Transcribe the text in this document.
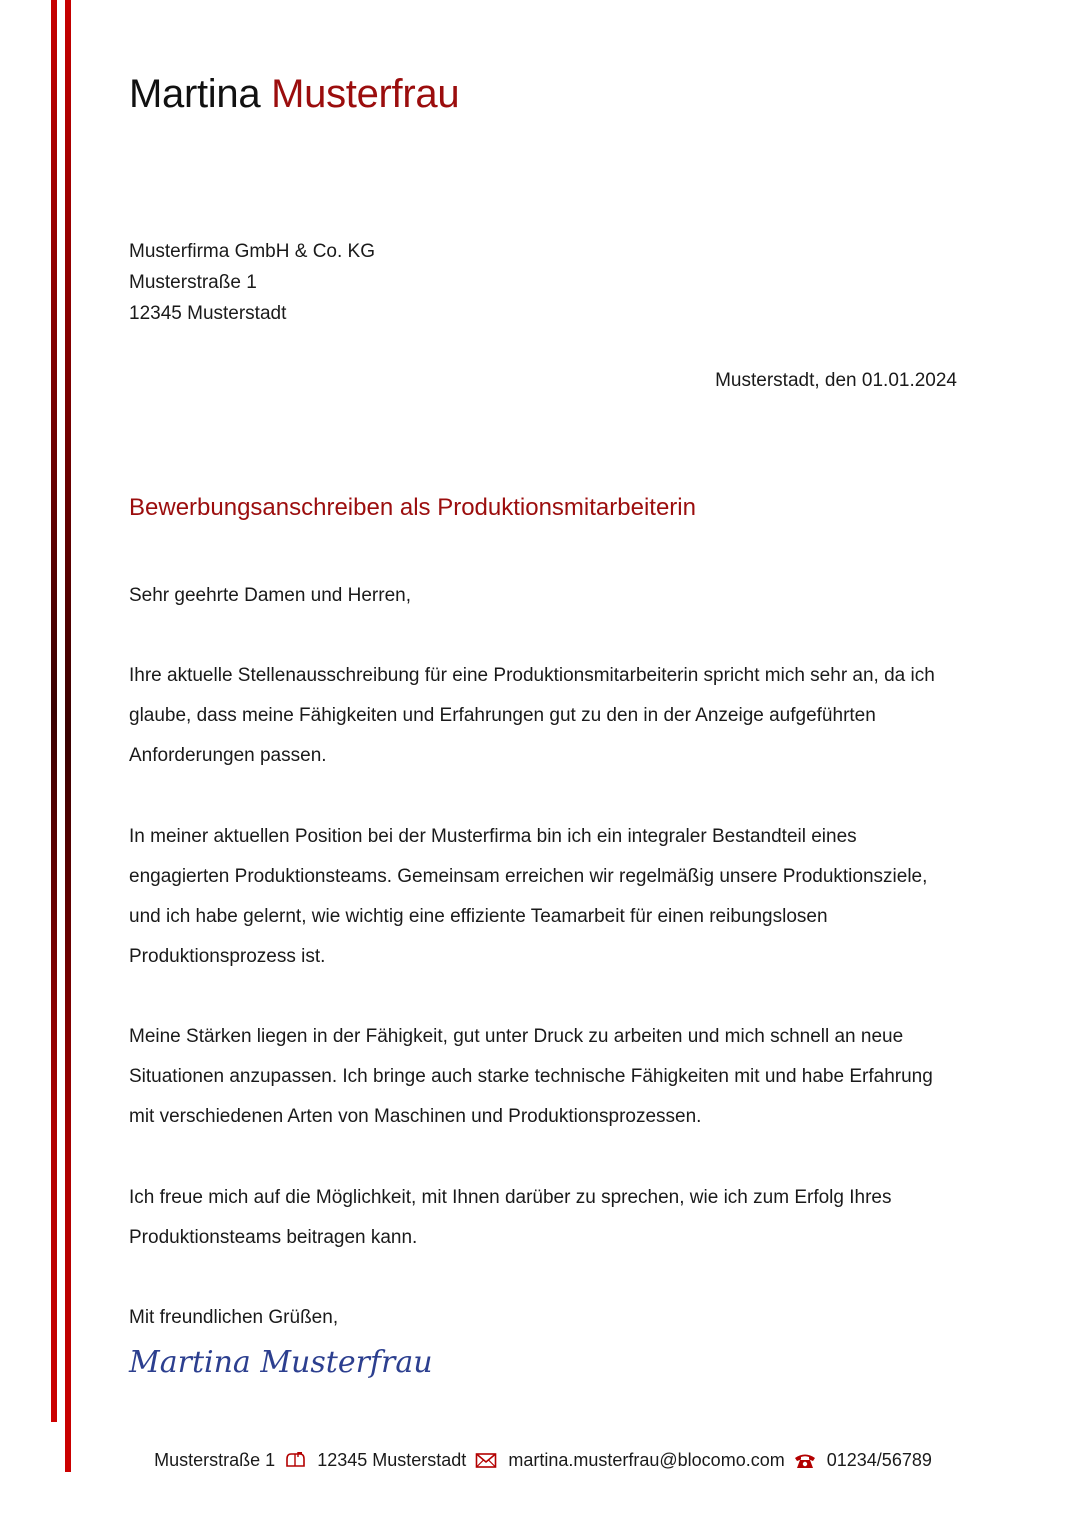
Martina Musterfrau
Musterfirma GmbH & Co. KG
Musterstraße 1
12345 Musterstadt
Musterstadt, den 01.01.2024
Bewerbungsanschreiben als Produktionsmitarbeiterin
Sehr geehrte Damen und Herren,
Ihre aktuelle Stellenausschreibung für eine Produktionsmitarbeiterin spricht mich sehr an, da ich glaube, dass meine Fähigkeiten und Erfahrungen gut zu den in der Anzeige aufgeführten Anforderungen passen.
In meiner aktuellen Position bei der Musterfirma bin ich ein integraler Bestandteil eines engagierten Produktionsteams. Gemeinsam erreichen wir regelmäßig unsere Produktionsziele, und ich habe gelernt, wie wichtig eine effiziente Teamarbeit für einen reibungslosen Produktionsprozess ist.
Meine Stärken liegen in der Fähigkeit, gut unter Druck zu arbeiten und mich schnell an neue Situationen anzupassen. Ich bringe auch starke technische Fähigkeiten mit und habe Erfahrung mit verschiedenen Arten von Maschinen und Produktionsprozessen.
Ich freue mich auf die Möglichkeit, mit Ihnen darüber zu sprechen, wie ich zum Erfolg Ihres Produktionsteams beitragen kann.
Mit freundlichen Grüßen,
Martina Musterfrau
Musterstraße 1 12345 Musterstadt martina.musterfrau@blocomo.com 01234/56789
